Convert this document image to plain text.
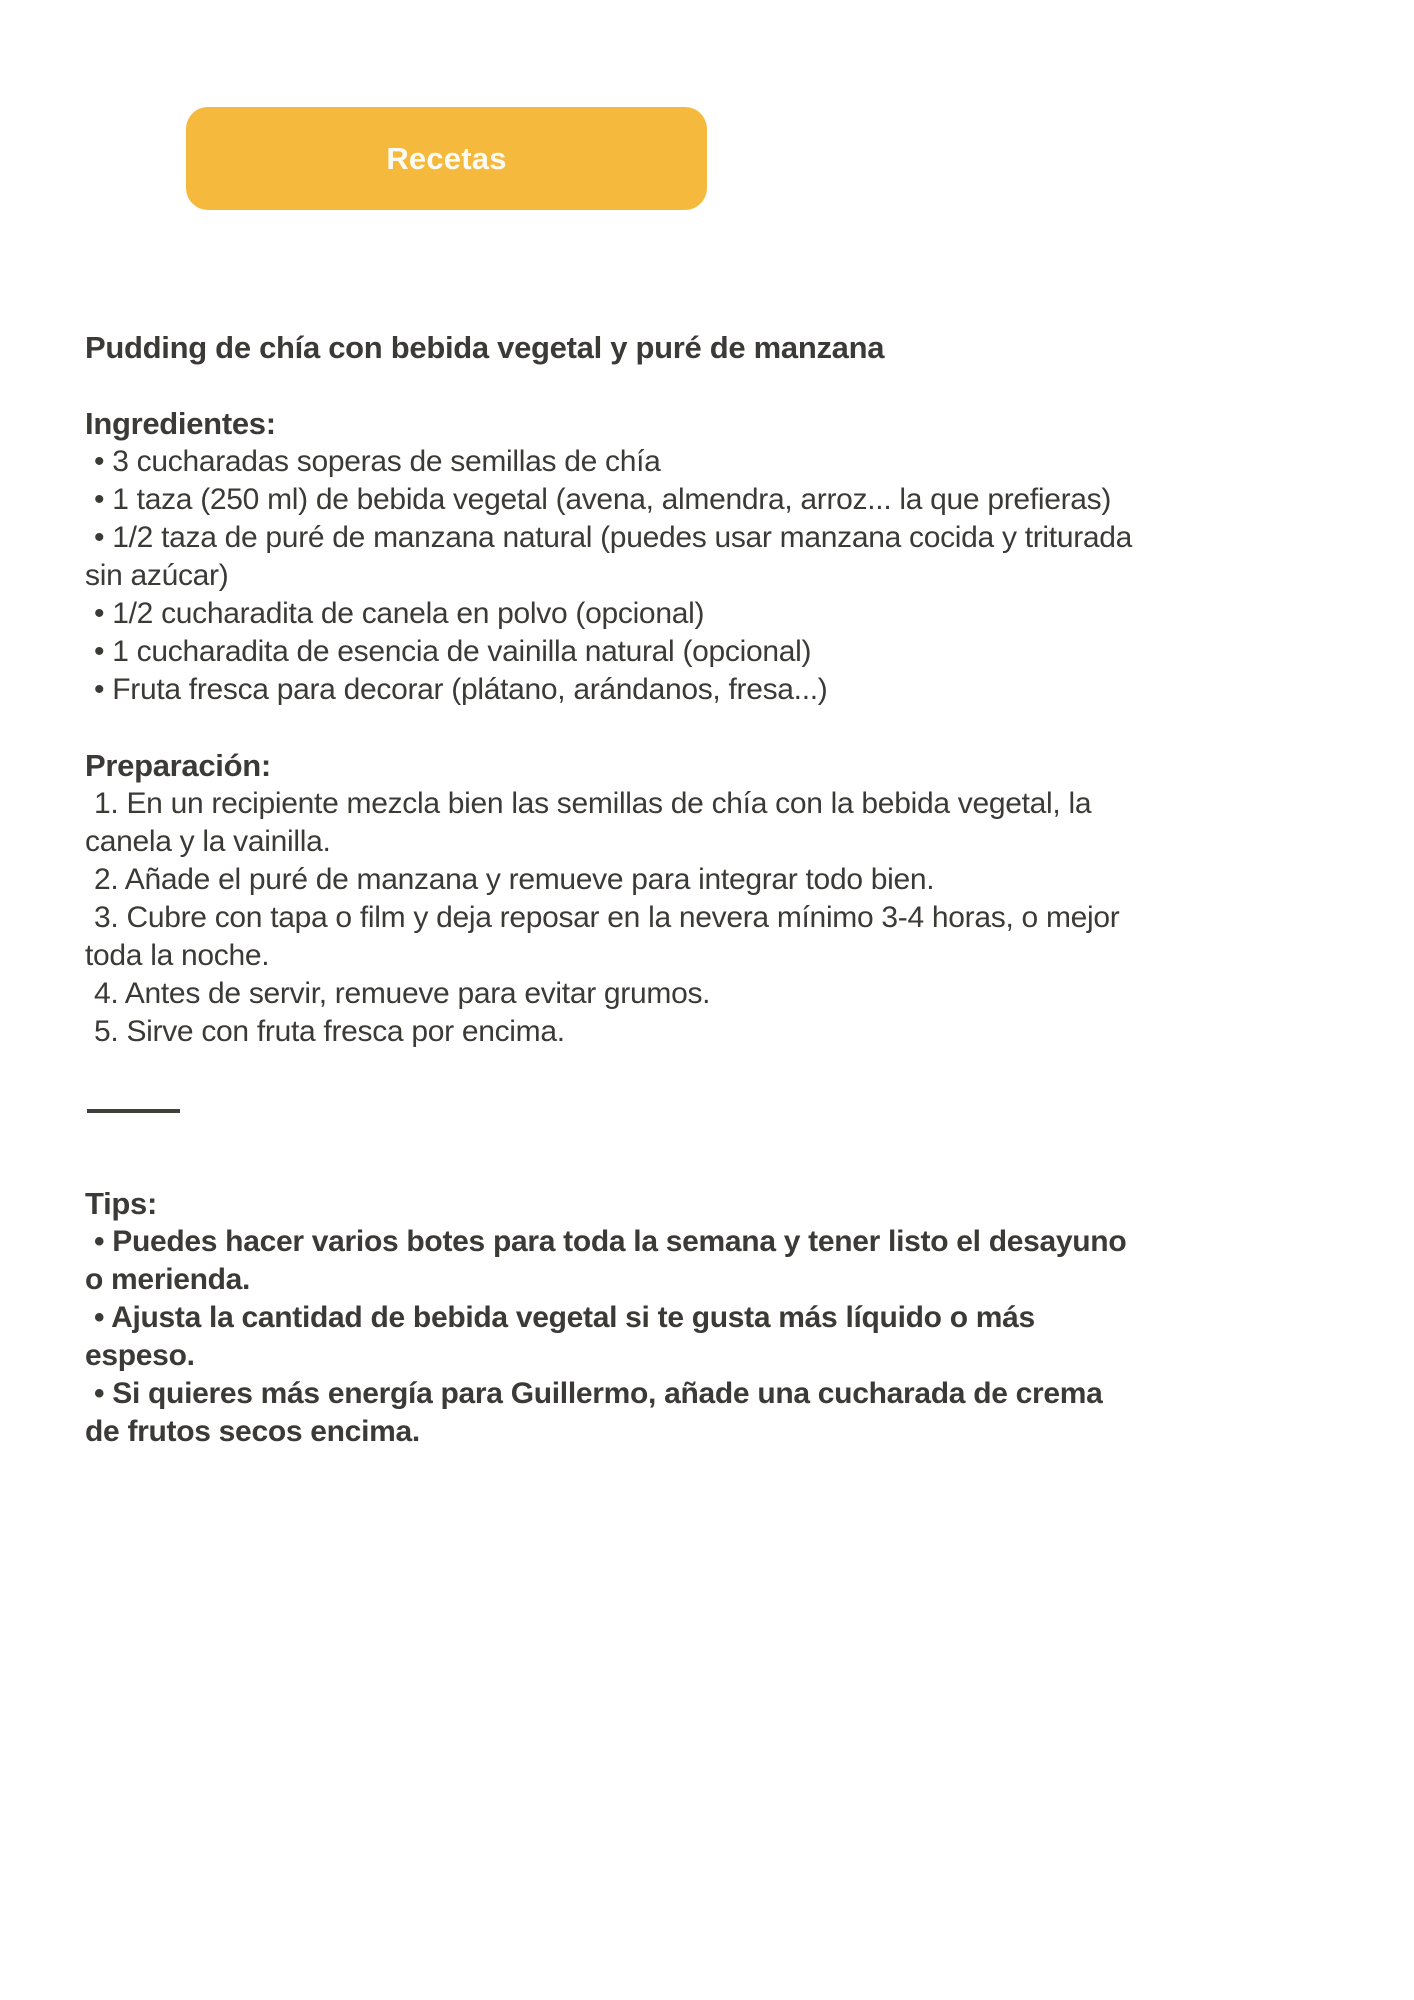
Recetas
Pudding de chía con bebida vegetal y puré de manzana
Ingredientes:
• 3 cucharadas soperas de semillas de chía
• 1 taza (250 ml) de bebida vegetal (avena, almendra, arroz... la que prefieras)
• 1/2 taza de puré de manzana natural (puedes usar manzana cocida y triturada
sin azúcar)
• 1/2 cucharadita de canela en polvo (opcional)
• 1 cucharadita de esencia de vainilla natural (opcional)
• Fruta fresca para decorar (plátano, arándanos, fresa...)
Preparación:
1. En un recipiente mezcla bien las semillas de chía con la bebida vegetal, la
canela y la vainilla.
2. Añade el puré de manzana y remueve para integrar todo bien.
3. Cubre con tapa o film y deja reposar en la nevera mínimo 3-4 horas, o mejor
toda la noche.
4. Antes de servir, remueve para evitar grumos.
5. Sirve con fruta fresca por encima.
Tips:
• Puedes hacer varios botes para toda la semana y tener listo el desayuno
o merienda.
• Ajusta la cantidad de bebida vegetal si te gusta más líquido o más
espeso.
• Si quieres más energía para Guillermo, añade una cucharada de crema
de frutos secos encima.
